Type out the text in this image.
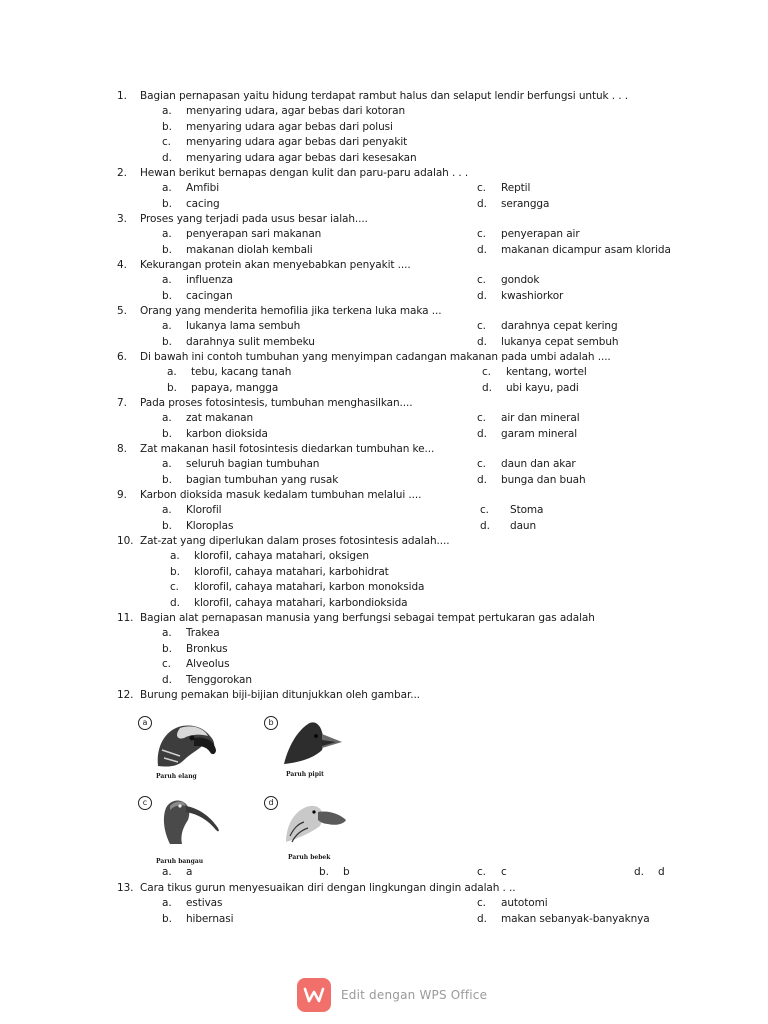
1.	Bagian pernapasan yaitu hidung terdapat rambut halus dan selaput lendir berfungsi untuk . . .
a.	menyaring udara, agar bebas dari kotoran
b.	menyaring udara agar bebas dari polusi
c.	menyaring udara agar bebas dari penyakit
d.	menyaring udara agar bebas dari kesesakan
2.	Hewan berikut bernapas dengan kulit dan paru-paru adalah . . .
a.	Amfibi	c.	Reptil
b.	cacing	d.	serangga
3.	Proses yang terjadi pada usus besar ialah....
a.	penyerapan sari makanan	c.	penyerapan air
b.	makanan diolah kembali	d.	makanan dicampur asam klorida
4.	Kekurangan protein akan menyebabkan penyakit ....
a.	influenza	c.	gondok
b.	cacingan	d.	kwashiorkor
5.	Orang yang menderita hemofilia jika terkena luka maka ...
a.	lukanya lama sembuh	c.	darahnya cepat kering
b.	darahnya sulit membeku	d.	lukanya cepat sembuh
6.	Di bawah ini contoh tumbuhan yang menyimpan cadangan makanan pada umbi adalah ....
a.	tebu, kacang tanah	c.	kentang, wortel
b.	papaya, mangga	d.	ubi kayu, padi
7.	Pada proses fotosintesis, tumbuhan menghasilkan....
a.	zat makanan	c.	air dan mineral
b.	karbon dioksida	d.	garam mineral
8.	Zat makanan hasil fotosintesis diedarkan tumbuhan ke...
a.	seluruh bagian tumbuhan	c.	daun dan akar
b.	bagian tumbuhan yang rusak	d.	bunga dan buah
9.	Karbon dioksida masuk kedalam tumbuhan melalui ....
a.	Klorofil	c.	Stoma
b.	Kloroplas	d.	daun
10. Zat-zat yang diperlukan dalam proses fotosintesis adalah....
a.	klorofil, cahaya matahari, oksigen
b.	klorofil, cahaya matahari, karbohidrat
c.	klorofil, cahaya matahari, karbon monoksida
d.	klorofil, cahaya matahari, karbondioksida
11. Bagian alat pernapasan manusia yang berfungsi sebagai tempat pertukaran gas adalah
a.	Trakea
b.	Bronkus
c.	Alveolus
d.	Tenggorokan
12. Burung pemakan biji-bijian ditunjukkan oleh gambar...
a
Paruh elang
b
Paruh pipit
c
Paruh bangau
d
Paruh bebek
a.	a	b.	b	c.	c	d.	d
13. Cara tikus gurun menyesuaikan diri dengan lingkungan dingin adalah . ..
a.	estivas	c.	autotomi
b.	hibernasi	d.	makan sebanyak-banyaknya
Edit dengan WPS Office
